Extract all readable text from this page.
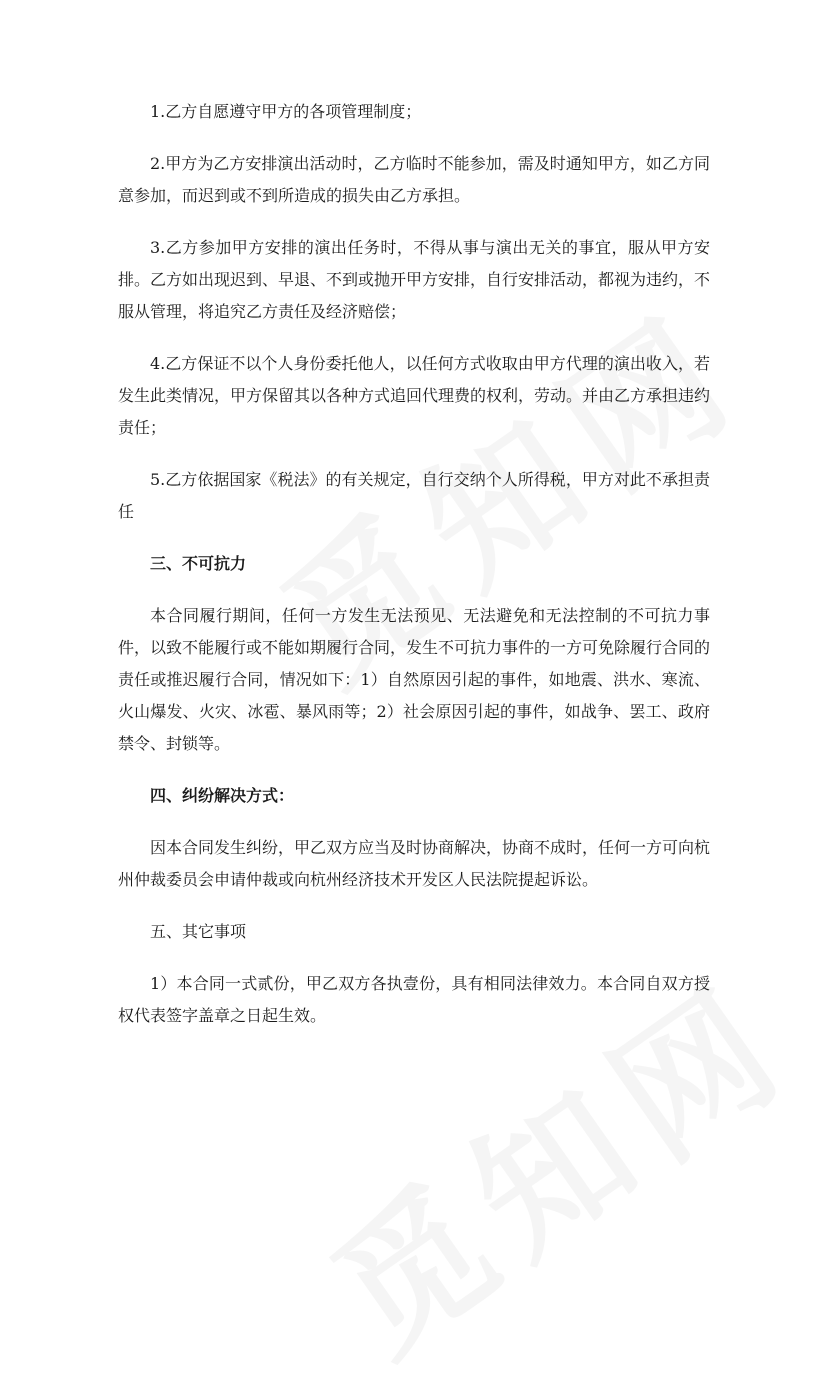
1.乙方自愿遵守甲方的各项管理制度；

2.甲方为乙方安排演出活动时，乙方临时不能参加，需及时通知甲方，如乙方同意参加，而迟到或不到所造成的损失由乙方承担。

3.乙方参加甲方安排的演出任务时，不得从事与演出无关的事宜，服从甲方安排。乙方如出现迟到、早退、不到或抛开甲方安排，自行安排活动，都视为违约，不服从管理，将追究乙方责任及经济赔偿；

4.乙方保证不以个人身份委托他人，以任何方式收取由甲方代理的演出收入，若发生此类情况，甲方保留其以各种方式追回代理费的权利，劳动。并由乙方承担违约责任；

5.乙方依据国家《税法》的有关规定，自行交纳个人所得税，甲方对此不承担责任

三、不可抗力

本合同履行期间，任何一方发生无法预见、无法避免和无法控制的不可抗力事件，以致不能履行或不能如期履行合同，发生不可抗力事件的一方可免除履行合同的责任或推迟履行合同，情况如下：1）自然原因引起的事件，如地震、洪水、寒流、火山爆发、火灾、冰雹、暴风雨等；2）社会原因引起的事件，如战争、罢工、政府禁令、封锁等。

四、纠纷解决方式：

因本合同发生纠纷，甲乙双方应当及时协商解决，协商不成时，任何一方可向杭州仲裁委员会申请仲裁或向杭州经济技术开发区人民法院提起诉讼。

五、其它事项

1）本合同一式贰份，甲乙双方各执壹份，具有相同法律效力。本合同自双方授权代表签字盖章之日起生效。
